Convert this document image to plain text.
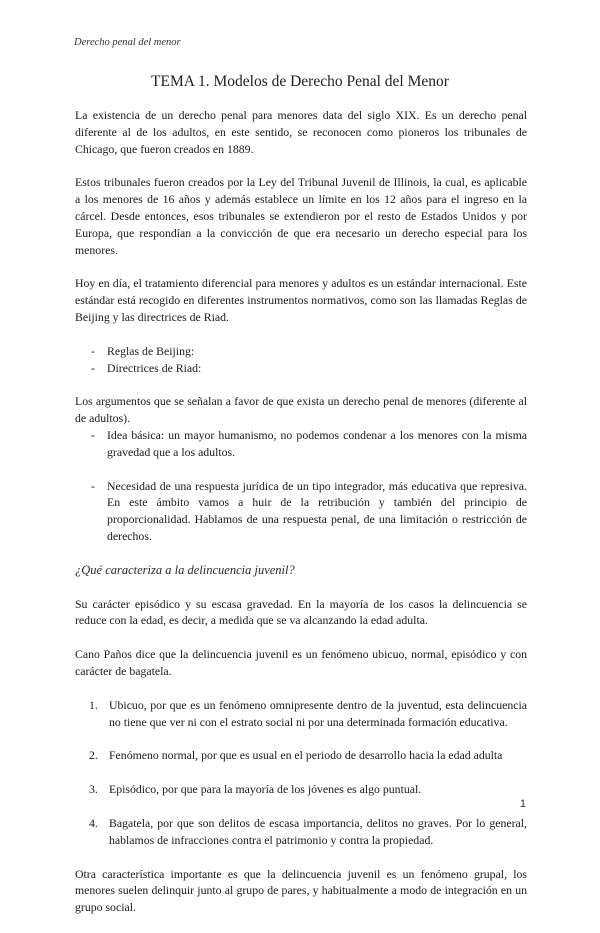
Derecho penal del menor
TEMA 1. Modelos de Derecho Penal del Menor

La existencia de un derecho penal para menores data del siglo XIX. Es un derecho penal diferente al de los adultos, en este sentido, se reconocen como pioneros los tribunales de Chicago, que fueron creados en 1889.

Estos tribunales fueron creados por la Ley del Tribunal Juvenil de Illinois, la cual, es aplicable a los menores de 16 años y además establece un límite en los 12 años para el ingreso en la cárcel. Desde entonces, esos tribunales se extendieron por el resto de Estados Unidos y por Europa, que respondían a la convicción de que era necesario un derecho especial para los menores.

Hoy en día, el tratamiento diferencial para menores y adultos es un estándar internacional. Este estándar está recogido en diferentes instrumentos normativos, como son las llamadas Reglas de Beijing y las directrices de Riad.

- Reglas de Beijing:
- Directrices de Riad:

Los argumentos que se señalan a favor de que exista un derecho penal de menores (diferente al de adultos).

- Idea básica: un mayor humanismo, no podemos condenar a los menores con la misma gravedad que a los adultos.
- Necesidad de una respuesta jurídica de un tipo integrador, más educativa que represiva. En este ámbito vamos a huir de la retribución y también del principio de proporcionalidad. Hablamos de una respuesta penal, de una limitación o restricción de derechos.
¿Qué caracteriza a la delincuencia juvenil?

Su carácter episódico y su escasa gravedad. En la mayoría de los casos la delincuencia se reduce con la edad, es decir, a medida que se va alcanzando la edad adulta.

Cano Paños dice que la delincuencia juvenil es un fenómeno ubicuo, normal, episódico y con carácter de bagatela.

1. Ubicuo, por que es un fenómeno omnipresente dentro de la juventud, esta delincuencia no tiene que ver ni con el estrato social ni por una determinada formación educativa.
2. Fenómeno normal, por que es usual en el periodo de desarrollo hacia la edad adulta
3. Episódico, por que para la mayoría de los jóvenes es algo puntual.
4. Bagatela, por que son delitos de escasa importancia, delitos no graves. Por lo general, hablamos de infracciones contra el patrimonio y contra la propiedad.

Otra característica importante es que la delincuencia juvenil es un fenómeno grupal, los menores suelen delinquir junto al grupo de pares, y habitualmente a modo de integración en un grupo social.

1
